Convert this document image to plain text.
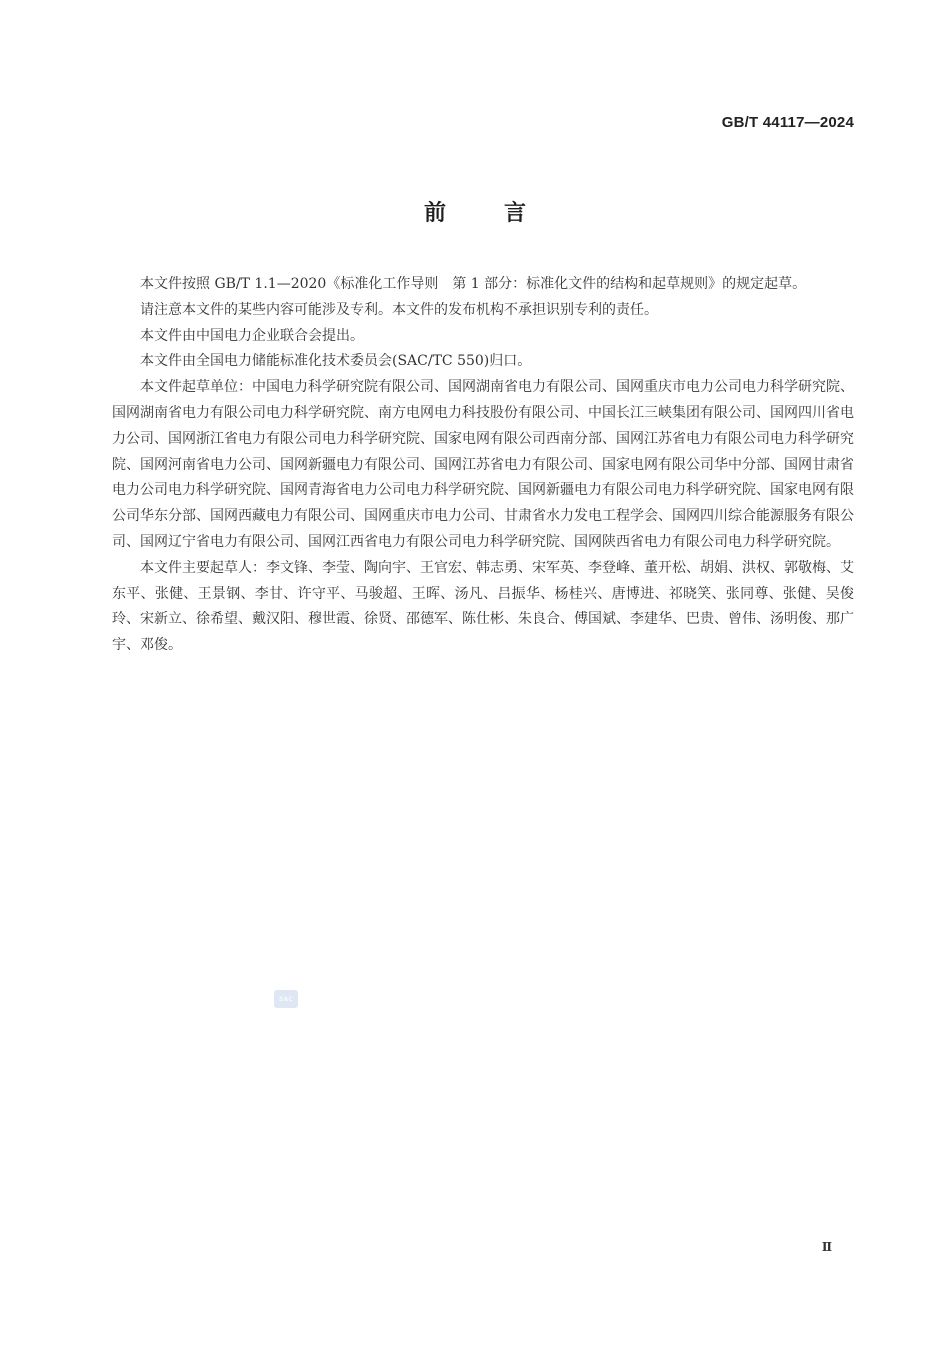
GB/T 44117—2024
前言

本文件按照 GB/T 1.1—2020《标准化工作导则　第 1 部分：标准化文件的结构和起草规则》的规定起草。

请注意本文件的某些内容可能涉及专利。本文件的发布机构不承担识别专利的责任。

本文件由中国电力企业联合会提出。

本文件由全国电力储能标准化技术委员会(SAC/TC 550)归口。

本文件起草单位：中国电力科学研究院有限公司、国网湖南省电力有限公司、国网重庆市电力公司电力科学研究院、国网湖南省电力有限公司电力科学研究院、南方电网电力科技股份有限公司、中国长江三峡集团有限公司、国网四川省电力公司、国网浙江省电力有限公司电力科学研究院、国家电网有限公司西南分部、国网江苏省电力有限公司电力科学研究院、国网河南省电力公司、国网新疆电力有限公司、国网江苏省电力有限公司、国家电网有限公司华中分部、国网甘肃省电力公司电力科学研究院、国网青海省电力公司电力科学研究院、国网新疆电力有限公司电力科学研究院、国家电网有限公司华东分部、国网西藏电力有限公司、国网重庆市电力公司、甘肃省水力发电工程学会、国网四川综合能源服务有限公司、国网辽宁省电力有限公司、国网江西省电力有限公司电力科学研究院、国网陕西省电力有限公司电力科学研究院。

本文件主要起草人：李文锋、李莹、陶向宇、王官宏、韩志勇、宋军英、李登峰、董开松、胡娟、洪权、郭敬梅、艾东平、张健、王景钢、李甘、许守平、马骏超、王晖、汤凡、吕振华、杨桂兴、唐博进、祁晓笑、张同尊、张健、吴俊玲、宋新立、徐希望、戴汉阳、穆世霞、徐贤、邵德军、陈仕彬、朱良合、傅国斌、李建华、巴贵、曾伟、汤明俊、那广宇、邓俊。

SAC
Ⅱ
